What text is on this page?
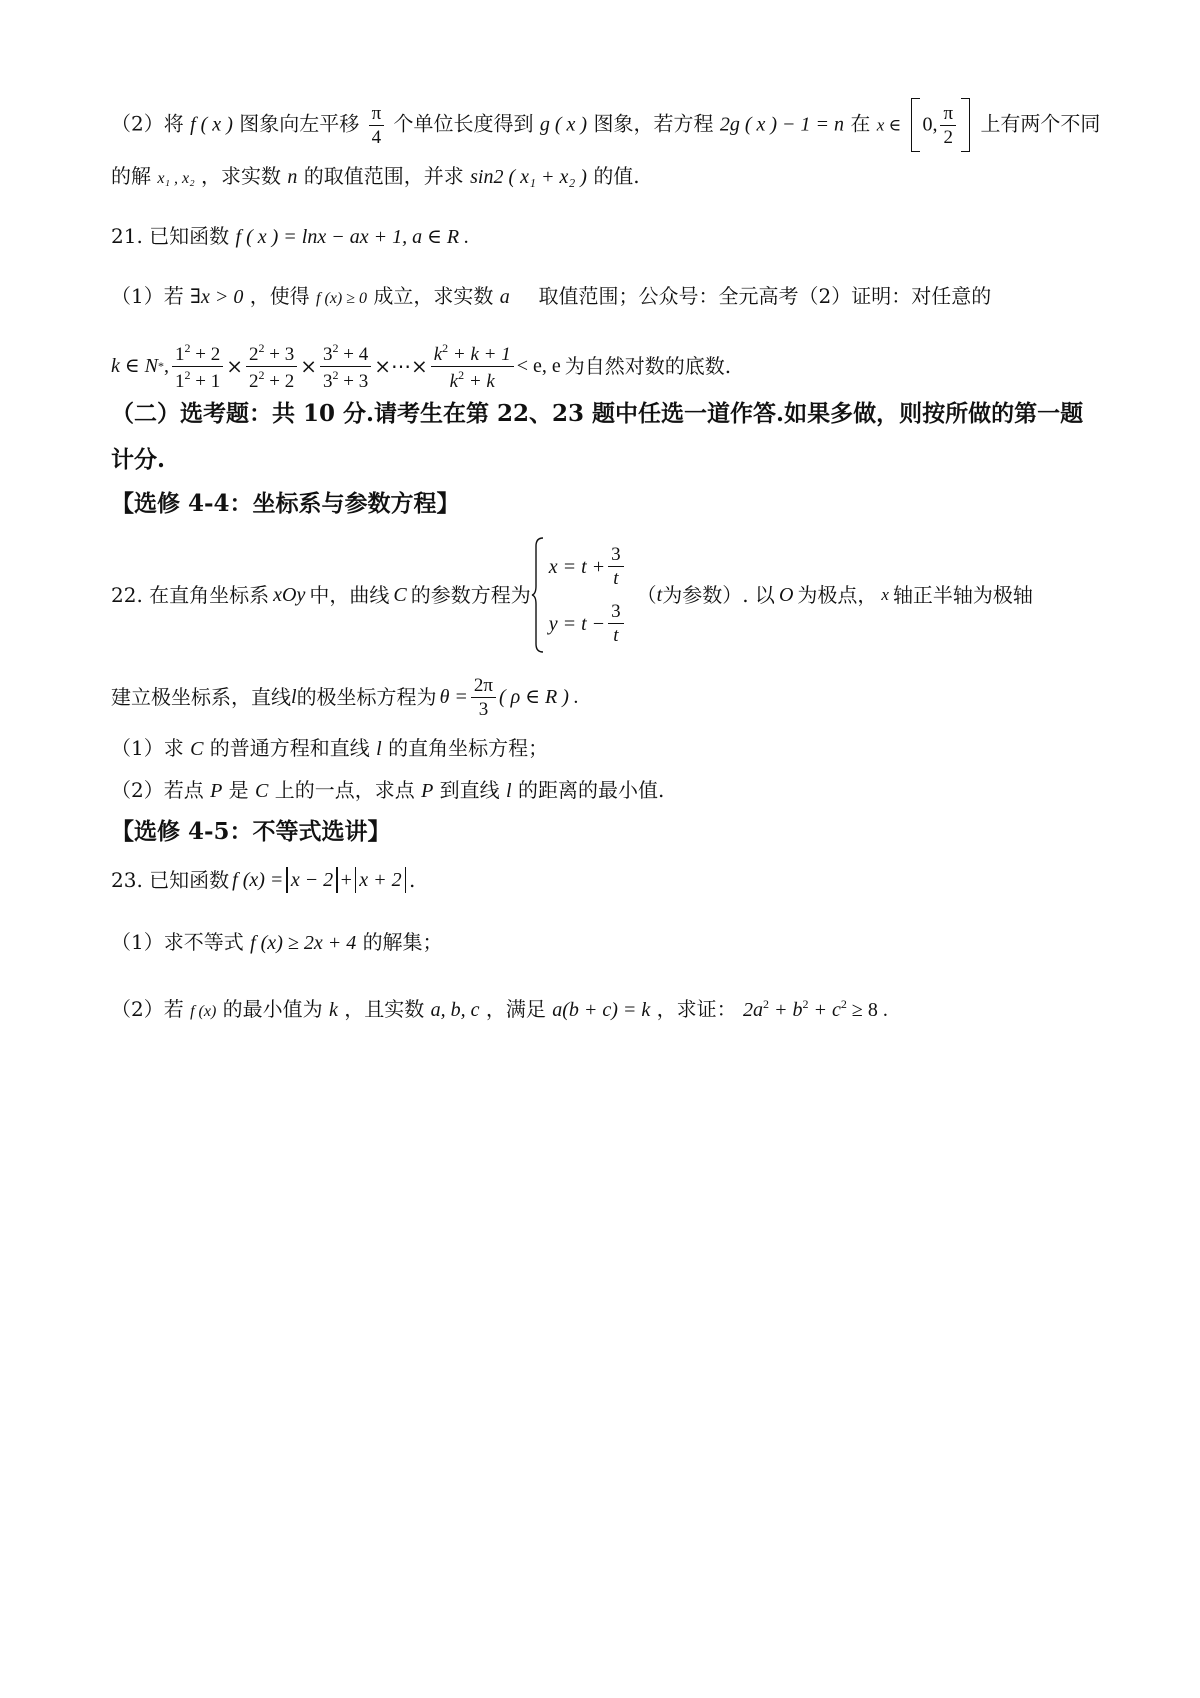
（2）将 f ( x ) 图象向左平移 $\frac{\pi}{4}$ 个单位长度得到 g ( x ) 图象，若方程 2g ( x ) − 1 = n 在 x ∈ 0, $\frac{\pi}{2}$ 上有两个不同
的解 x₁ , x₂ ，求实数 n 的取值范围，并求 sin2 ( x₁ + x₂ ) 的值.
21. 已知函数 f ( x ) = lnx − ax + 1, a ∈ R .
（1）若 ∃x > 0 ，使得 f (x) ≥ 0 成立，求实数 a 取值范围；公众号：全元高考（2）证明：对任意的
k ∈ N * , $\frac{1^2 + 2}{1^2 + 1} \times \frac{2^2 + 3}{2^2 + 2} \times \frac{3^2 + 4}{3^2 + 3}$ ×⋯× $\frac{k^2 + k + 1}{k^2 + k} < e$, e 为自然对数的底数.
（二）选考题：共 10 分.请考生在第 22、23 题中任选一道作答.如果多做，则按所做的第一题
计分.
【选修 4-4：坐标系与参数方程】
22. 在直角坐标系 xOy 中，曲线 C 的参数方程为
$x = t + \frac{3}{t}$
$y = t - \frac{3}{t}$
（ t 为参数）. 以 O 为极点， x 轴正半轴为极轴
建立极坐标系，直线 l 的极坐标方程为 $\theta = \frac{2\pi}{3}$ ( ρ ∈ R ) .
（1）求 C 的普通方程和直线 l 的直角坐标方程；
（2）若点 P 是 C 上的一点，求点 P 到直线 l 的距离的最小值.
【选修 4-5：不等式选讲】
23. 已知函数 f (x) = x − 2 + x + 2 .
（1）求不等式 f (x) ≥ 2x + 4 的解集；
（2）若 f (x) 的最小值为 k ，且实数 a, b, c ，满足 a(b + c) = k ，求证： $2a^2 + b^2 + c^2 \ge 8$ .
